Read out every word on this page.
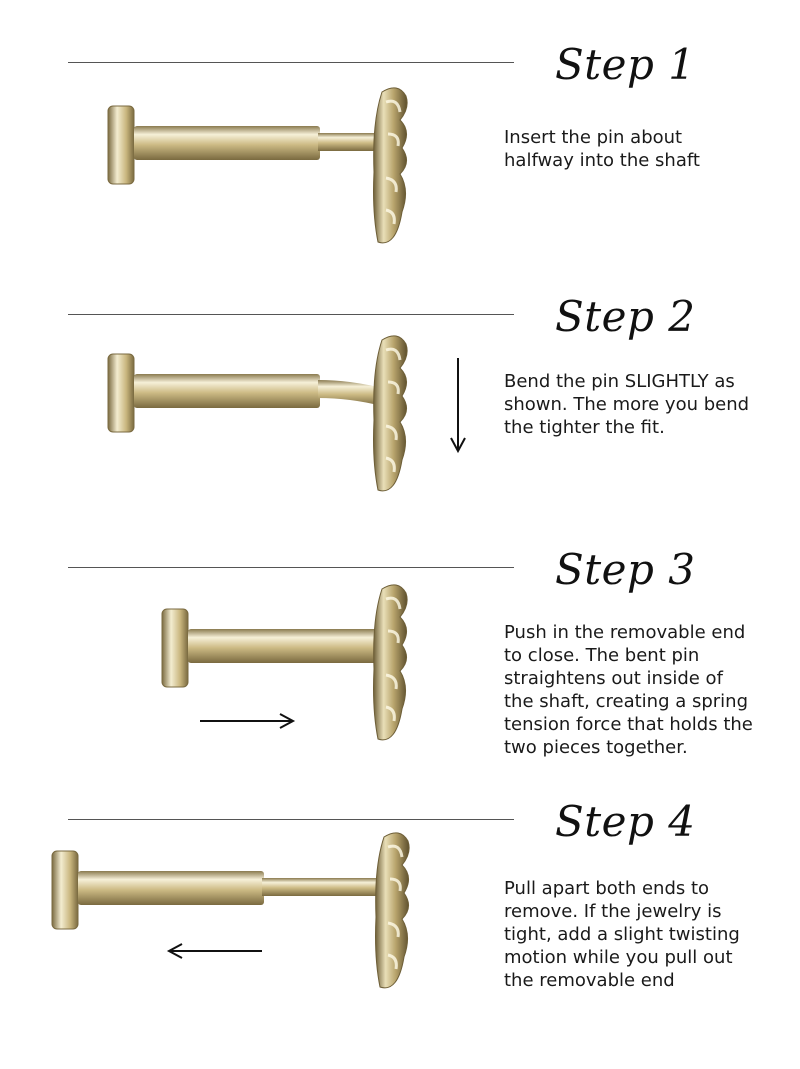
Step 1
Insert the pin about
halfway into the shaft
Step 2
Bend the pin SLIGHTLY as
shown. The more you bend
the tighter the fit.
Step 3
Push in the removable end
to close. The bent pin
straightens out inside of
the shaft, creating a spring
tension force that holds the
two pieces together.
Step 4
Pull apart both ends to
remove. If the jewelry is
tight, add a slight twisting
motion while you pull out
the removable end
